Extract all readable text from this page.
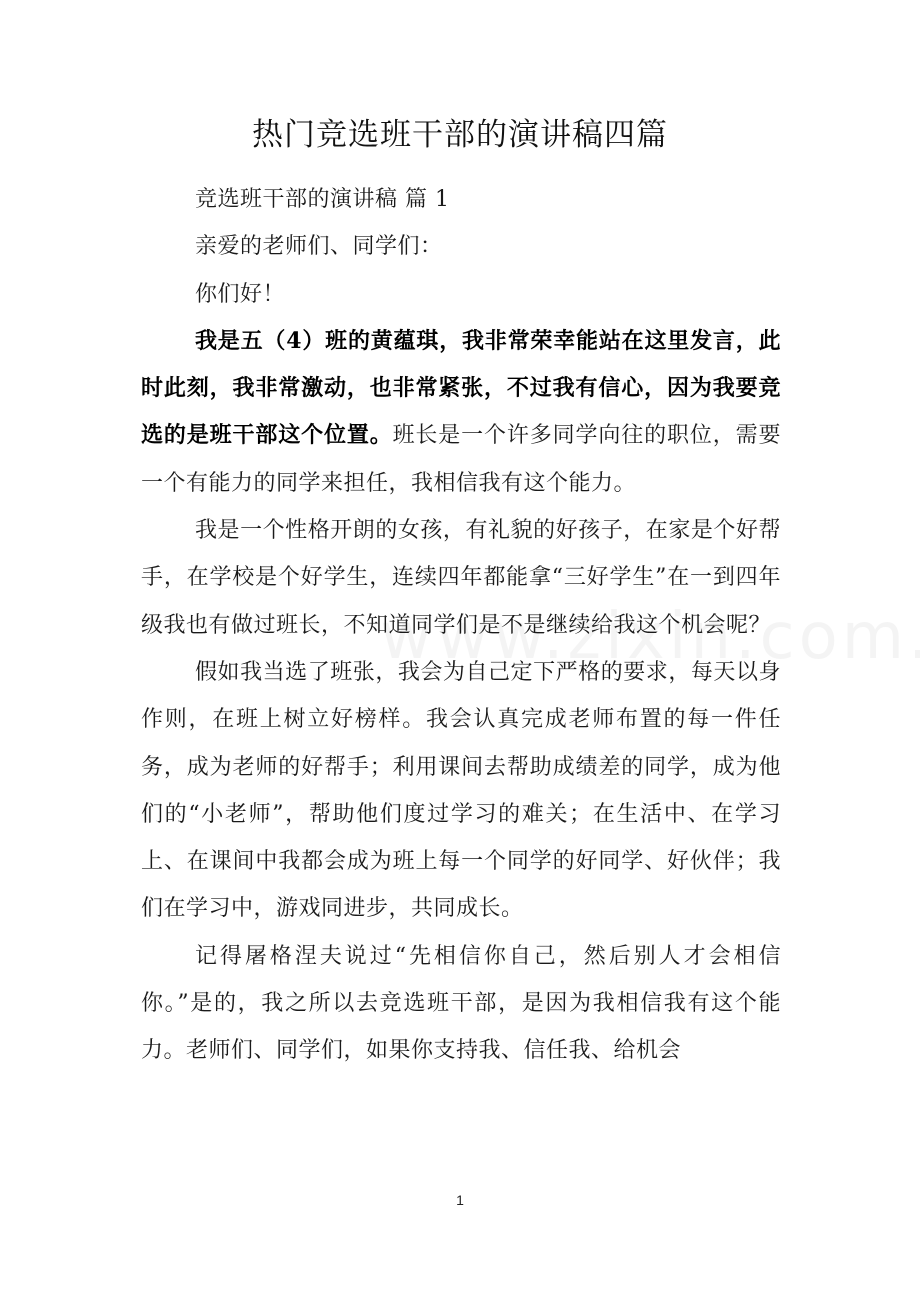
热门竞选班干部的演讲稿四篇

竞选班干部的演讲稿 篇 1

亲爱的老师们、同学们：

你们好！

我是五（4）班的黄蕴琪，我非常荣幸能站在这里发言，此时此刻，我非常激动，也非常紧张，不过我有信心，因为我要竞选的是班干部这个位置。班长是一个许多同学向往的职位，需要一个有能力的同学来担任，我相信我有这个能力。

我是一个性格开朗的女孩，有礼貌的好孩子，在家是个好帮手，在学校是个好学生，连续四年都能拿“三好学生”在一到四年级我也有做过班长，不知道同学们是不是继续给我这个机会呢？

假如我当选了班张，我会为自己定下严格的要求，每天以身作则，在班上树立好榜样。我会认真完成老师布置的每一件任务，成为老师的好帮手；利用课间去帮助成绩差的同学，成为他们的“小老师”，帮助他们度过学习的难关；在生活中、在学习上、在课间中我都会成为班上每一个同学的好同学、好伙伴；我们在学习中，游戏同进步，共同成长。

记得屠格涅夫说过“先相信你自己，然后别人才会相信你。”是的，我之所以去竞选班干部，是因为我相信我有这个能力。老师们、同学们，如果你支持我、信任我、给机会

1
